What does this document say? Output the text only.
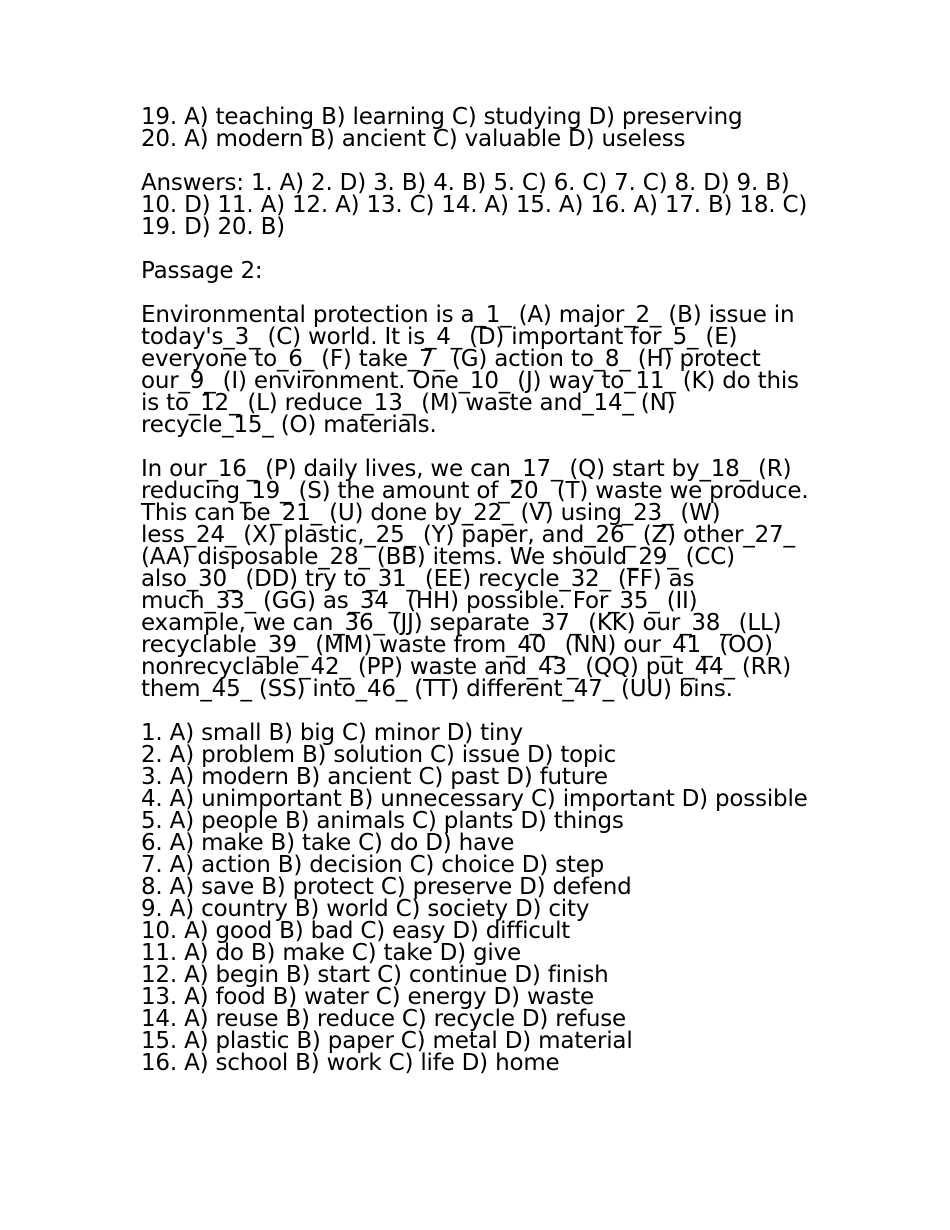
19. A) teaching B) learning C) studying D) preserving
20. A) modern B) ancient C) valuable D) useless
Answers: 1. A) 2. D) 3. B) 4. B) 5. C) 6. C) 7. C) 8. D) 9. B) 10. D) 11. A) 12. A) 13. C) 14. A) 15. A) 16. A) 17. B) 18. C) 19. D) 20. B)
Passage 2:
Environmental protection is a_1_ (A) major_2_ (B) issue in today's_3_ (C) world. It is_4_ (D) important for_5_ (E) everyone to_6_ (F) take_7_ (G) action to_8_ (H) protect our_9_ (I) environment. One_10_ (J) way to_11_ (K) do this is to_12_ (L) reduce_13_ (M) waste and_14_ (N) recycle_15_ (O) materials.
In our_16_ (P) daily lives, we can_17_ (Q) start by_18_ (R) reducing_19_ (S) the amount of_20_ (T) waste we produce. This can be_21_ (U) done by_22_ (V) using_23_ (W) less_24_ (X) plastic,_25_ (Y) paper, and_26_ (Z) other_27_ (AA) disposable_28_ (BB) items. We should_29_ (CC) also_30_ (DD) try to_31_ (EE) recycle_32_ (FF) as much_33_ (GG) as_34_ (HH) possible. For_35_ (II) example, we can_36_ (JJ) separate_37_ (KK) our_38_ (LL) recyclable_39_ (MM) waste from_40_ (NN) our_41_ (OO) nonrecyclable_42_ (PP) waste and_43_ (QQ) put_44_ (RR) them_45_ (SS) into_46_ (TT) different_47_ (UU) bins.
1. A) small B) big C) minor D) tiny
2. A) problem B) solution C) issue D) topic
3. A) modern B) ancient C) past D) future
4. A) unimportant B) unnecessary C) important D) possible
5. A) people B) animals C) plants D) things
6. A) make B) take C) do D) have
7. A) action B) decision C) choice D) step
8. A) save B) protect C) preserve D) defend
9. A) country B) world C) society D) city
10. A) good B) bad C) easy D) difficult
11. A) do B) make C) take D) give
12. A) begin B) start C) continue D) finish
13. A) food B) water C) energy D) waste
14. A) reuse B) reduce C) recycle D) refuse
15. A) plastic B) paper C) metal D) material
16. A) school B) work C) life D) home
